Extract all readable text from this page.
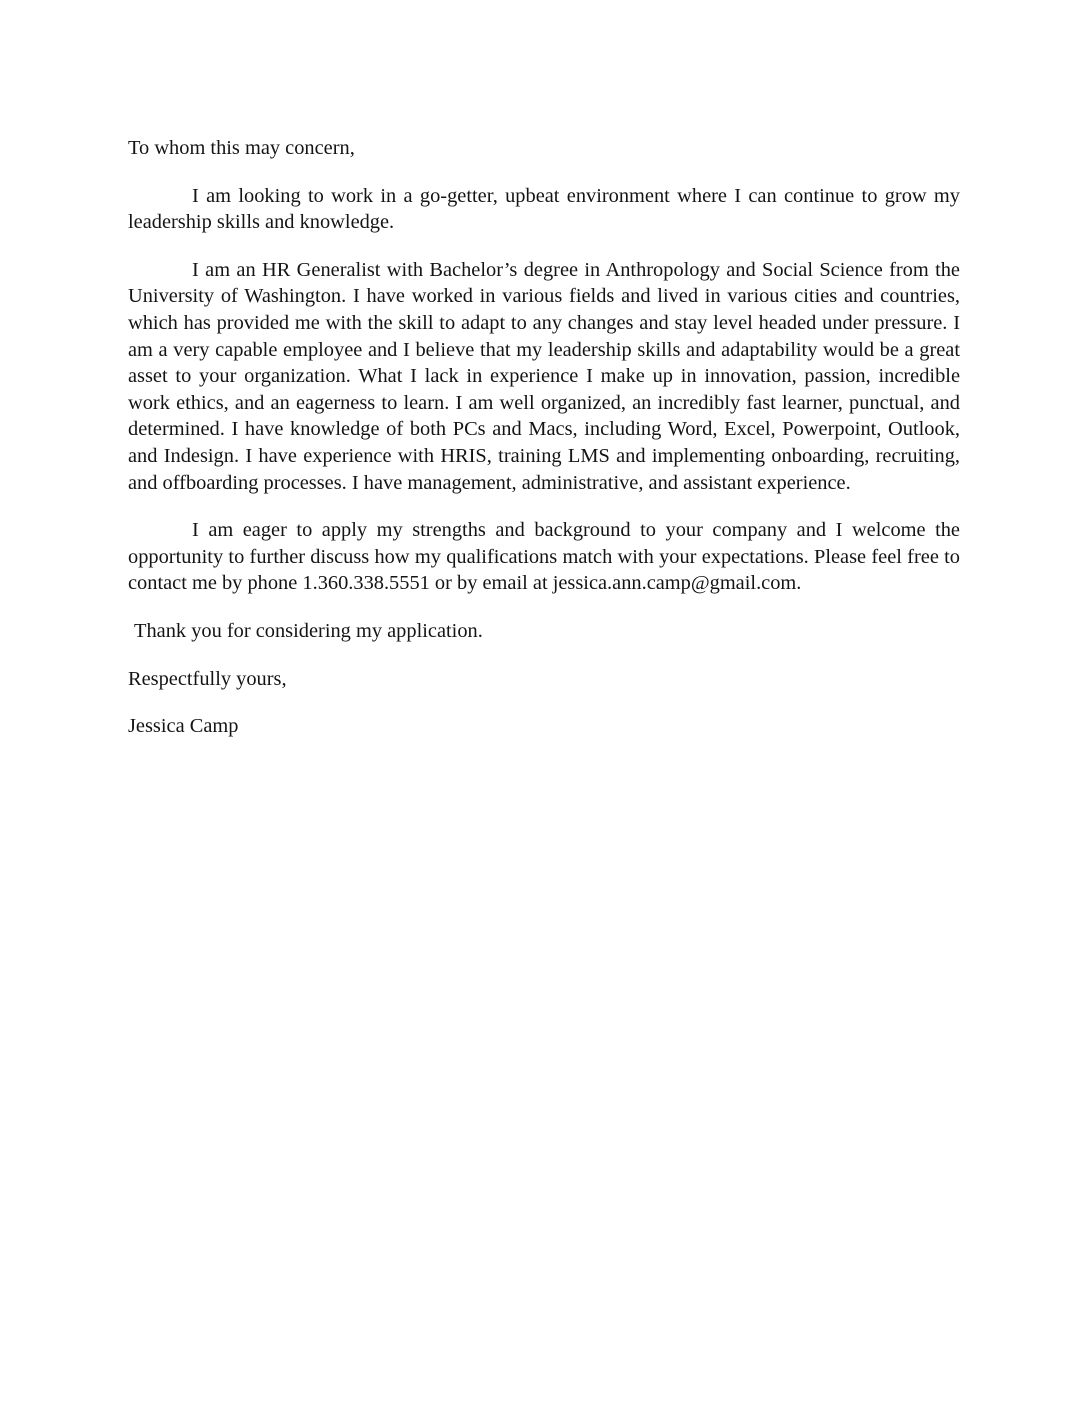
To whom this may concern,

I am looking to work in a go-getter, upbeat environment where I can continue to grow my leadership skills and knowledge.

I am an HR Generalist with Bachelor’s degree in Anthropology and Social Science from the University of Washington. I have worked in various fields and lived in various cities and countries, which has provided me with the skill to adapt to any changes and stay level headed under pressure. I am a very capable employee and I believe that my leadership skills and adaptability would be a great asset to your organization. What I lack in experience I make up in innovation, passion, incredible work ethics, and an eagerness to learn. I am well organized, an incredibly fast learner, punctual, and determined. I have knowledge of both PCs and Macs, including Word, Excel, Powerpoint, Outlook, and Indesign. I have experience with HRIS, training LMS and implementing onboarding, recruiting, and offboarding processes. I have management, administrative, and assistant experience.

I am eager to apply my strengths and background to your company and I welcome the opportunity to further discuss how my qualifications match with your expectations. Please feel free to contact me by phone 1.360.338.5551 or by email at jessica.ann.camp@gmail.com.

Thank you for considering my application.

Respectfully yours,

Jessica Camp
